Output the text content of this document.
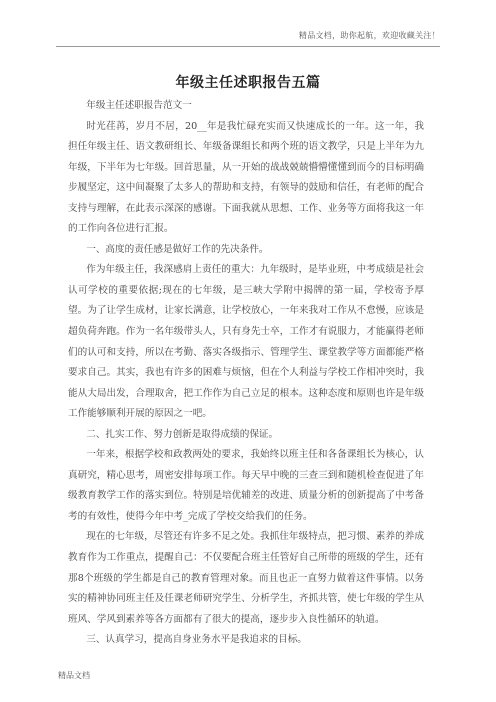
精品文档，助你起航，欢迎收藏关注！
年级主任述职报告五篇

年级主任述职报告范文一

时光荏苒，岁月不居，20__年是我忙碌充实而又快速成长的一年。这一年，我担任年级主任、语文教研组长、年级备课组长和两个班的语文教学，只是上半年为九年级，下半年为七年级。回首思量，从一开始的战战兢兢懵懵懂懂到而今的目标明确步履坚定，这中间凝聚了太多人的帮助和支持，有领导的鼓励和信任，有老师的配合支持与理解，在此表示深深的感谢。下面我就从思想、工作、业务等方面将我这一年的工作向各位进行汇报。

一、高度的责任感是做好工作的先决条件。

作为年级主任，我深感肩上责任的重大：九年级时，是毕业班，中考成绩是社会认可学校的重要依据;现在的七年级，是三峡大学附中揭牌的第一届，学校寄予厚望。为了让学生成材，让家长满意，让学校放心，一年来我对工作从不怠慢，应该是超负荷奔跑。作为一名年级带头人，只有身先士卒，工作才有说服力，才能赢得老师们的认可和支持，所以在考勤、落实各级指示、管理学生、课堂教学等方面都能严格要求自己。其实，我也有许多的困难与烦恼，但在个人利益与学校工作相冲突时，我能从大局出发，合理取舍，把工作作为自己立足的根本。这种态度和原则也许是年级工作能够顺利开展的原因之一吧。

二、扎实工作、努力创新是取得成绩的保证。

一年来，根据学校和政教两处的要求，我始终以班主任和各备课组长为核心，认真研究，精心思考，周密安排每项工作。每天早中晚的三查三到和随机检查促进了年级教育教学工作的落实到位。特别是培优辅差的改进、质量分析的创新提高了中考备考的有效性，使得今年中考_完成了学校交给我们的任务。

现在的七年级，尽管还有许多不足之处。我抓住年级特点，把习惯、素养的养成教育作为工作重点，提醒自己：不仅要配合班主任管好自己所带的班级的学生，还有那8个班级的学生都是自己的教育管理对象。而且也正一直努力做着这件事情。以务实的精神协同班主任及任课老师研究学生、分析学生，齐抓共管，使七年级的学生从班风、学风到素养等各方面都有了很大的提高，逐步步入良性循环的轨道。

三、认真学习，提高自身业务水平是我追求的目标。

精品文档
